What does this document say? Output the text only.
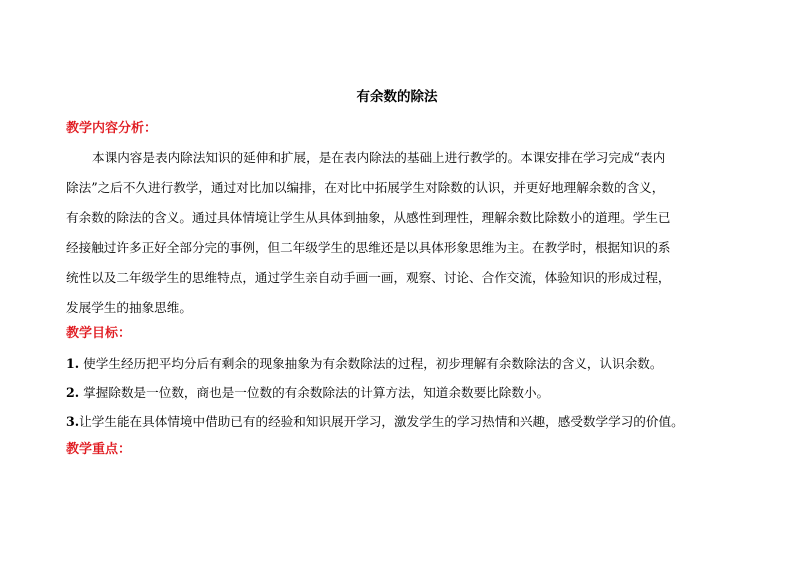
有余数的除法
教学内容分析：
本课内容是表内除法知识的延伸和扩展，是在表内除法的基础上进行教学的。本课安排在学习完成“表内
除法”之后不久进行教学，通过对比加以编排，在对比中拓展学生对除数的认识，并更好地理解余数的含义，
有余数的除法的含义。通过具体情境让学生从具体到抽象，从感性到理性，理解余数比除数小的道理。学生已
经接触过许多正好全部分完的事例，但二年级学生的思维还是以具体形象思维为主。在教学时，根据知识的系
统性以及二年级学生的思维特点，通过学生亲自动手画一画，观察、讨论、合作交流，体验知识的形成过程，
发展学生的抽象思维。
教学目标：
1. 使学生经历把平均分后有剩余的现象抽象为有余数除法的过程，初步理解有余数除法的含义，认识余数。
2. 掌握除数是一位数，商也是一位数的有余数除法的计算方法，知道余数要比除数小。
3.让学生能在具体情境中借助已有的经验和知识展开学习，激发学生的学习热情和兴趣，感受数学学习的价值。
教学重点：
